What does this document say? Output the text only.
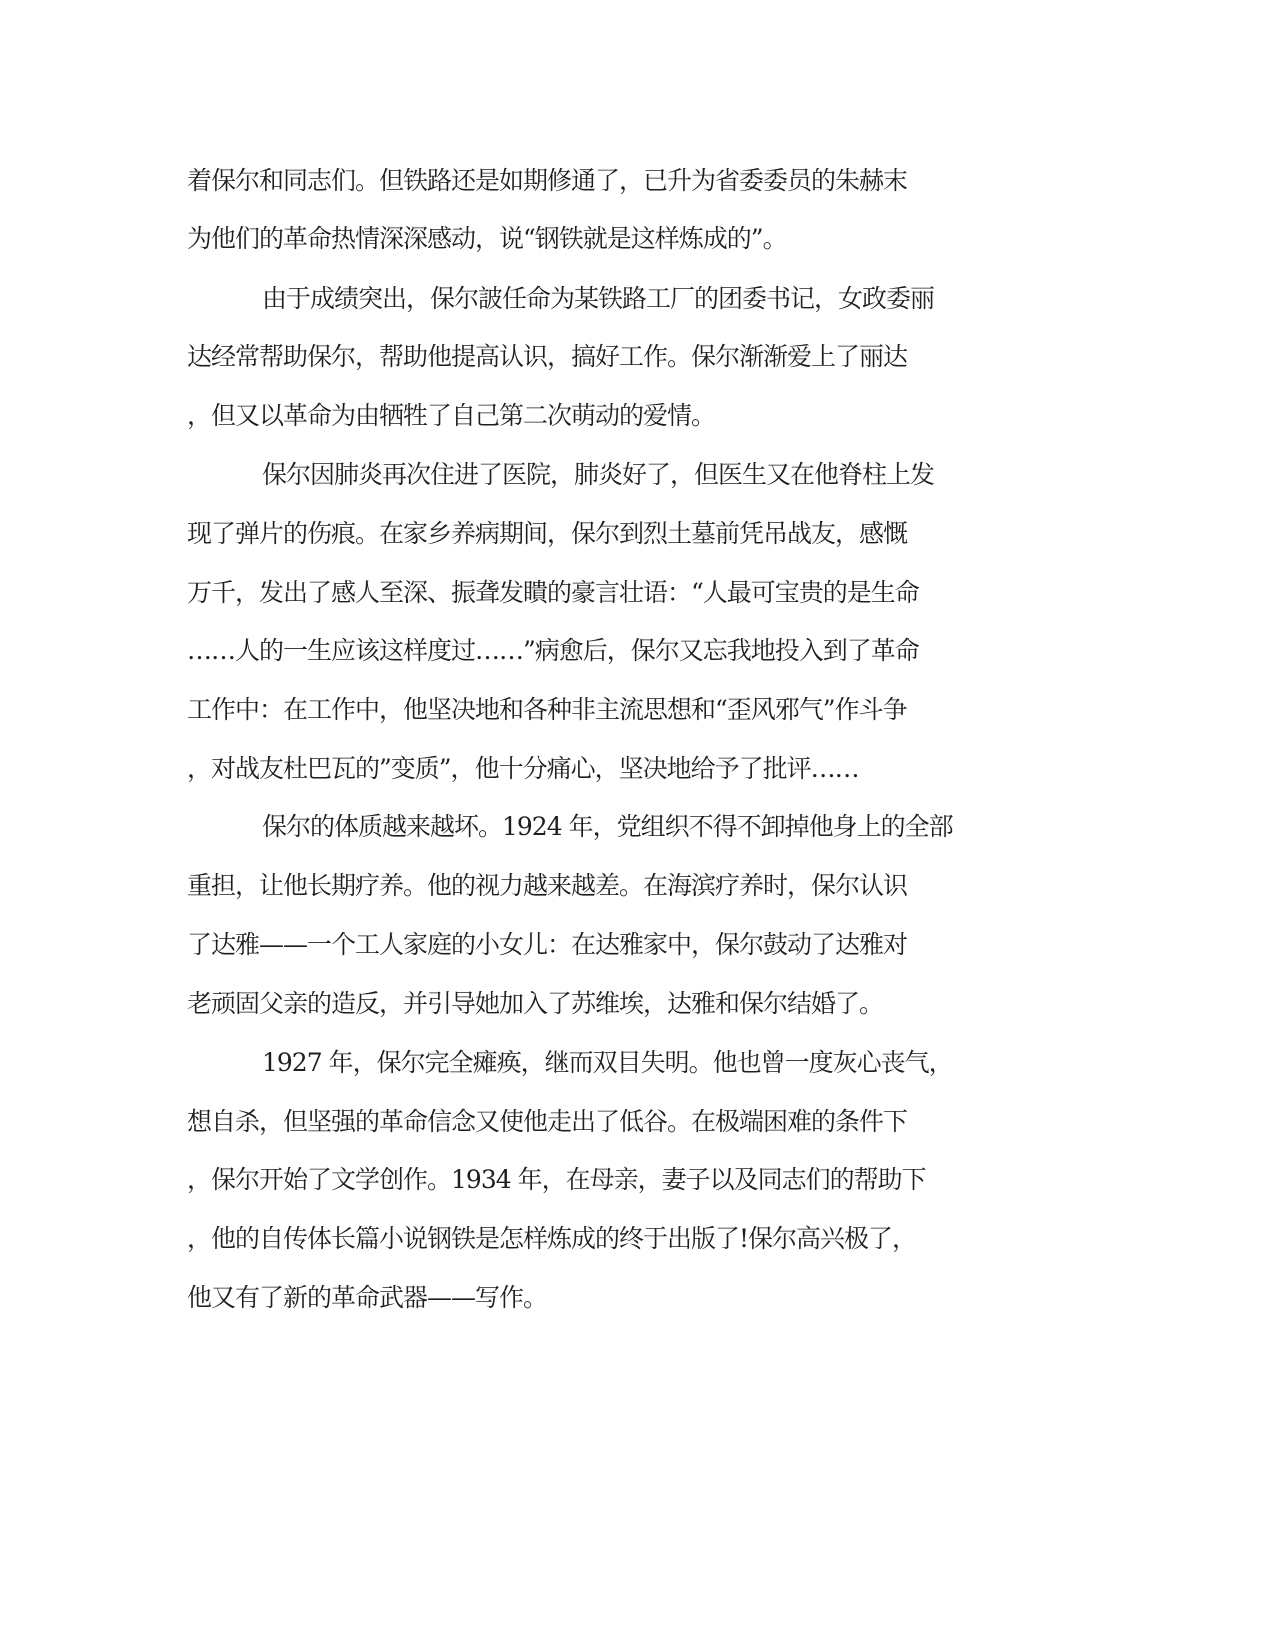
着保尔和同志们。但铁路还是如期修通了，已升为省委委员的朱赫末
为他们的革命热情深深感动，说“钢铁就是这样炼成的”。
由于成绩突出，保尔詖任命为某铁路工厂的团委书记，女政委丽
达经常帮助保尔，帮助他提高认识，搞好工作。保尔渐渐爱上了丽达
，但又以革命为由牺牲了自己第二次萌动的爱情。
保尔因肺炎再次住进了医院，肺炎好了，但医生又在他脊柱上发
现了弹片的伤痕。在家乡养病期间，保尔到烈土墓前凭吊战友，感慨
万千，发出了感人至深、振聋发瞶的豪言壮语：“人最可宝贵的是生命
……人的一生应该这样度过……”病愈后，保尔又忘我地投入到了革命
工作中：在工作中，他坚决地和各种非主流思想和“歪风邪气”作斗争
，对战友杜巴瓦的”变质”，他十分痛心，坚决地给予了批评……
保尔的体质越来越坏。1924 年，党组织不得不卸掉他身上的全部
重担，让他长期疗养。他的视力越来越差。在海滨疗养时，保尔认识
了达雅——一个工人家庭的小女儿：在达雅家中，保尔鼓动了达雅对
老顽固父亲的造反，并引导她加入了苏维埃，达雅和保尔结婚了。
1927 年，保尔完全瘫痪，继而双目失明。他也曾一度灰心丧气，
想自杀，但坚强的革命信念又使他走出了低谷。在极端困难的条件下
，保尔开始了文学创作。1934 年，在母亲，妻子以及同志们的帮助下
，他的自传体长篇小说钢铁是怎样炼成的终于出版了!保尔高兴极了，
他又有了新的革命武器——写作。
